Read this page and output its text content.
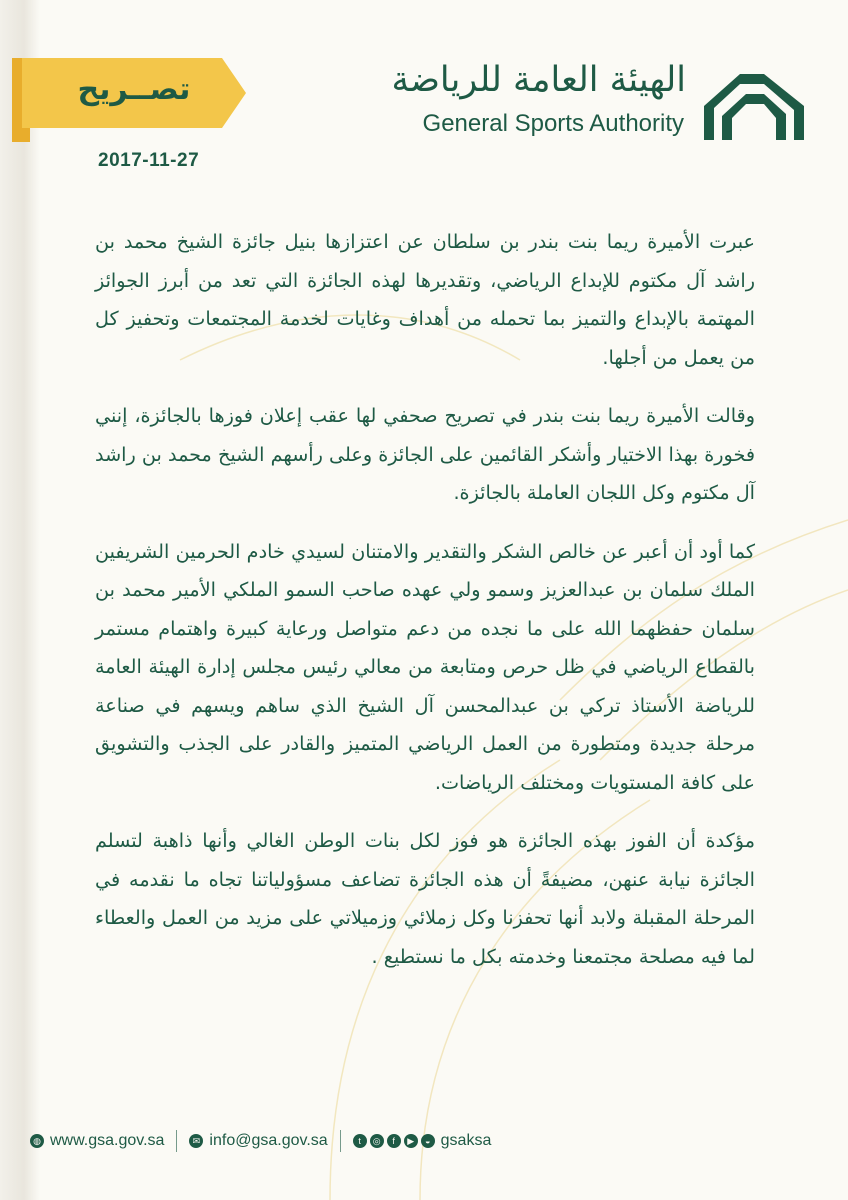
تصــريح
2017-11-27
الهيئة العامة للرياضة
General Sports Authority

عبرت الأميرة ريما بنت بندر بن سلطان عن اعتزازها بنيل جائزة الشيخ محمد بن راشد آل مكتوم للإبداع الرياضي، وتقديرها لهذه الجائزة التي تعد من أبرز الجوائز المهتمة بالإبداع والتميز بما تحمله من أهداف وغايات لخدمة المجتمعات وتحفيز كل من يعمل من أجلها.

وقالت الأميرة ريما بنت بندر في تصريح صحفي لها عقب إعلان فوزها بالجائزة، إنني فخورة بهذا الاختيار وأشكر القائمين على الجائزة وعلى رأسهم الشيخ محمد بن راشد آل مكتوم وكل اللجان العاملة بالجائزة.

كما أود أن أعبر عن خالص الشكر والتقدير والامتنان لسيدي خادم الحرمين الشريفين الملك سلمان بن عبدالعزيز وسمو ولي عهده صاحب السمو الملكي الأمير محمد بن سلمان حفظهما الله على ما نجده من دعم متواصل ورعاية كبيرة واهتمام مستمر بالقطاع الرياضي في ظل حرص ومتابعة من معالي رئيس مجلس إدارة الهيئة العامة للرياضة الأستاذ تركي بن عبدالمحسن آل الشيخ الذي ساهم ويسهم في صناعة مرحلة جديدة ومتطورة من العمل الرياضي المتميز والقادر على الجذب والتشويق على كافة المستويات ومختلف الرياضات.

مؤكدة أن الفوز بهذه الجائزة هو فوز لكل بنات الوطن الغالي وأنها ذاهبة لتسلم الجائزة نيابة عنهن، مضيفةً أن هذه الجائزة تضاعف مسؤولياتنا تجاه ما نقدمه في المرحلة المقبلة ولابد أنها تحفزنا وكل زملائي وزميلاتي على مزيد من العمل والعطاء لما فيه مصلحة مجتمعنا وخدمته بكل ما نستطيع .

◍ www.gsa.gov.sa	✉ info@gsa.gov.sa	t	◎	f	▶	◒ gsaksa
